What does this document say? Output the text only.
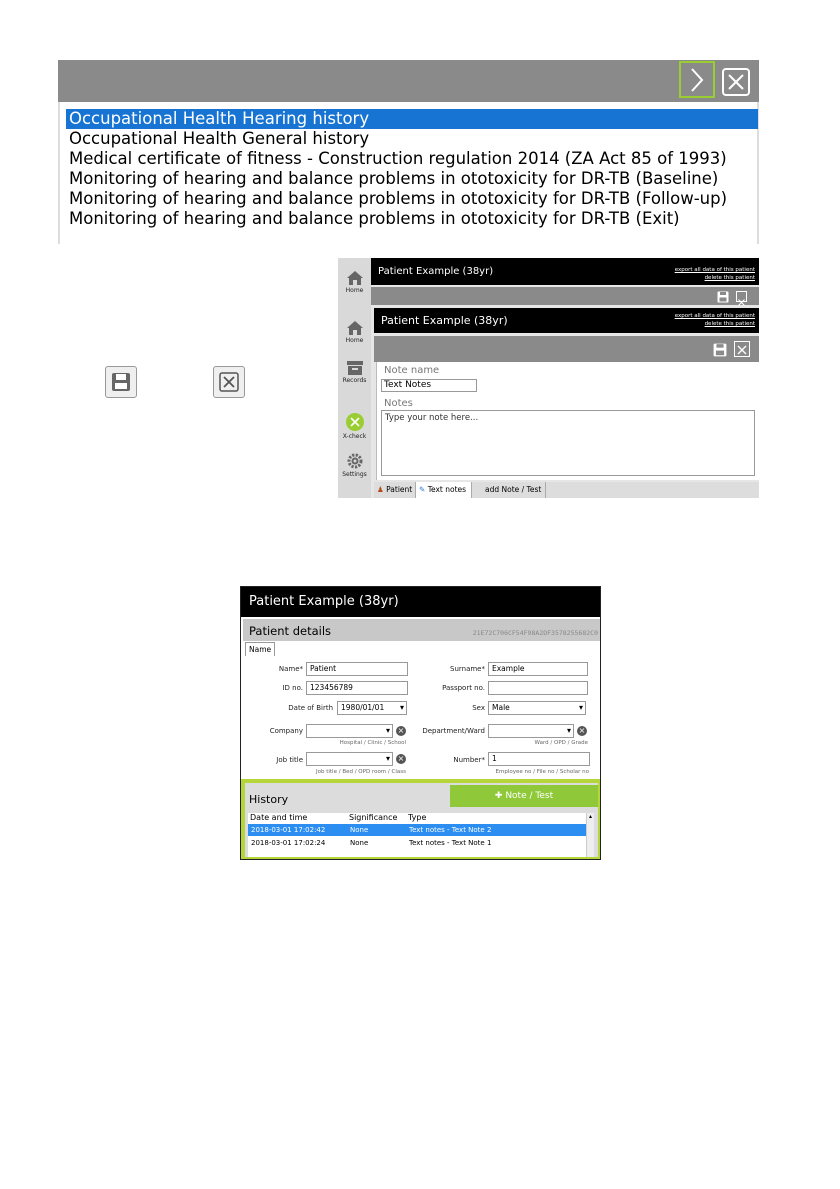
Occupational Health Hearing history
Occupational Health General history
Medical certificate of fitness - Construction regulation 2014 (ZA Act 85 of 1993)
Monitoring of hearing and balance problems in ototoxicity for DR-TB (Baseline)
Monitoring of hearing and balance problems in ototoxicity for DR-TB (Follow-up)
Monitoring of hearing and balance problems in ototoxicity for DR-TB (Exit)
Home
Home
Records
X-check
Settings
Patient Example (38yr)	export all data of this patient
delete this patient
Patient Example (38yr)	export all data of this patient
delete this patient
Note name
Text Notes
Notes
Type your note here...
♟ Patient ✎ Text notes	add Note / Test
Patient Example (38yr)
Patient details	21E72C706CF54F98A2DF3578255682C0
Name
Name* Patient	Surname* Example
ID no. 123456789	Passport no.
Date of Birth	1980/01/01 ▾	Sex Male ▾
Company ▾	×
Hospital / Clinic / School
Department/Ward ▾	×
Ward / OPD / Grade
Job title ▾	×
Job title / Bed / OPD room / Class
Number* 1
Employee no / File no / Scholar no
History	✚ Note / Test
Date and time	Significance Type
2018-03-01 17:02:42	None	Text notes - Text Note 2
2018-03-01 17:02:24	None	Text notes - Text Note 1
▴
